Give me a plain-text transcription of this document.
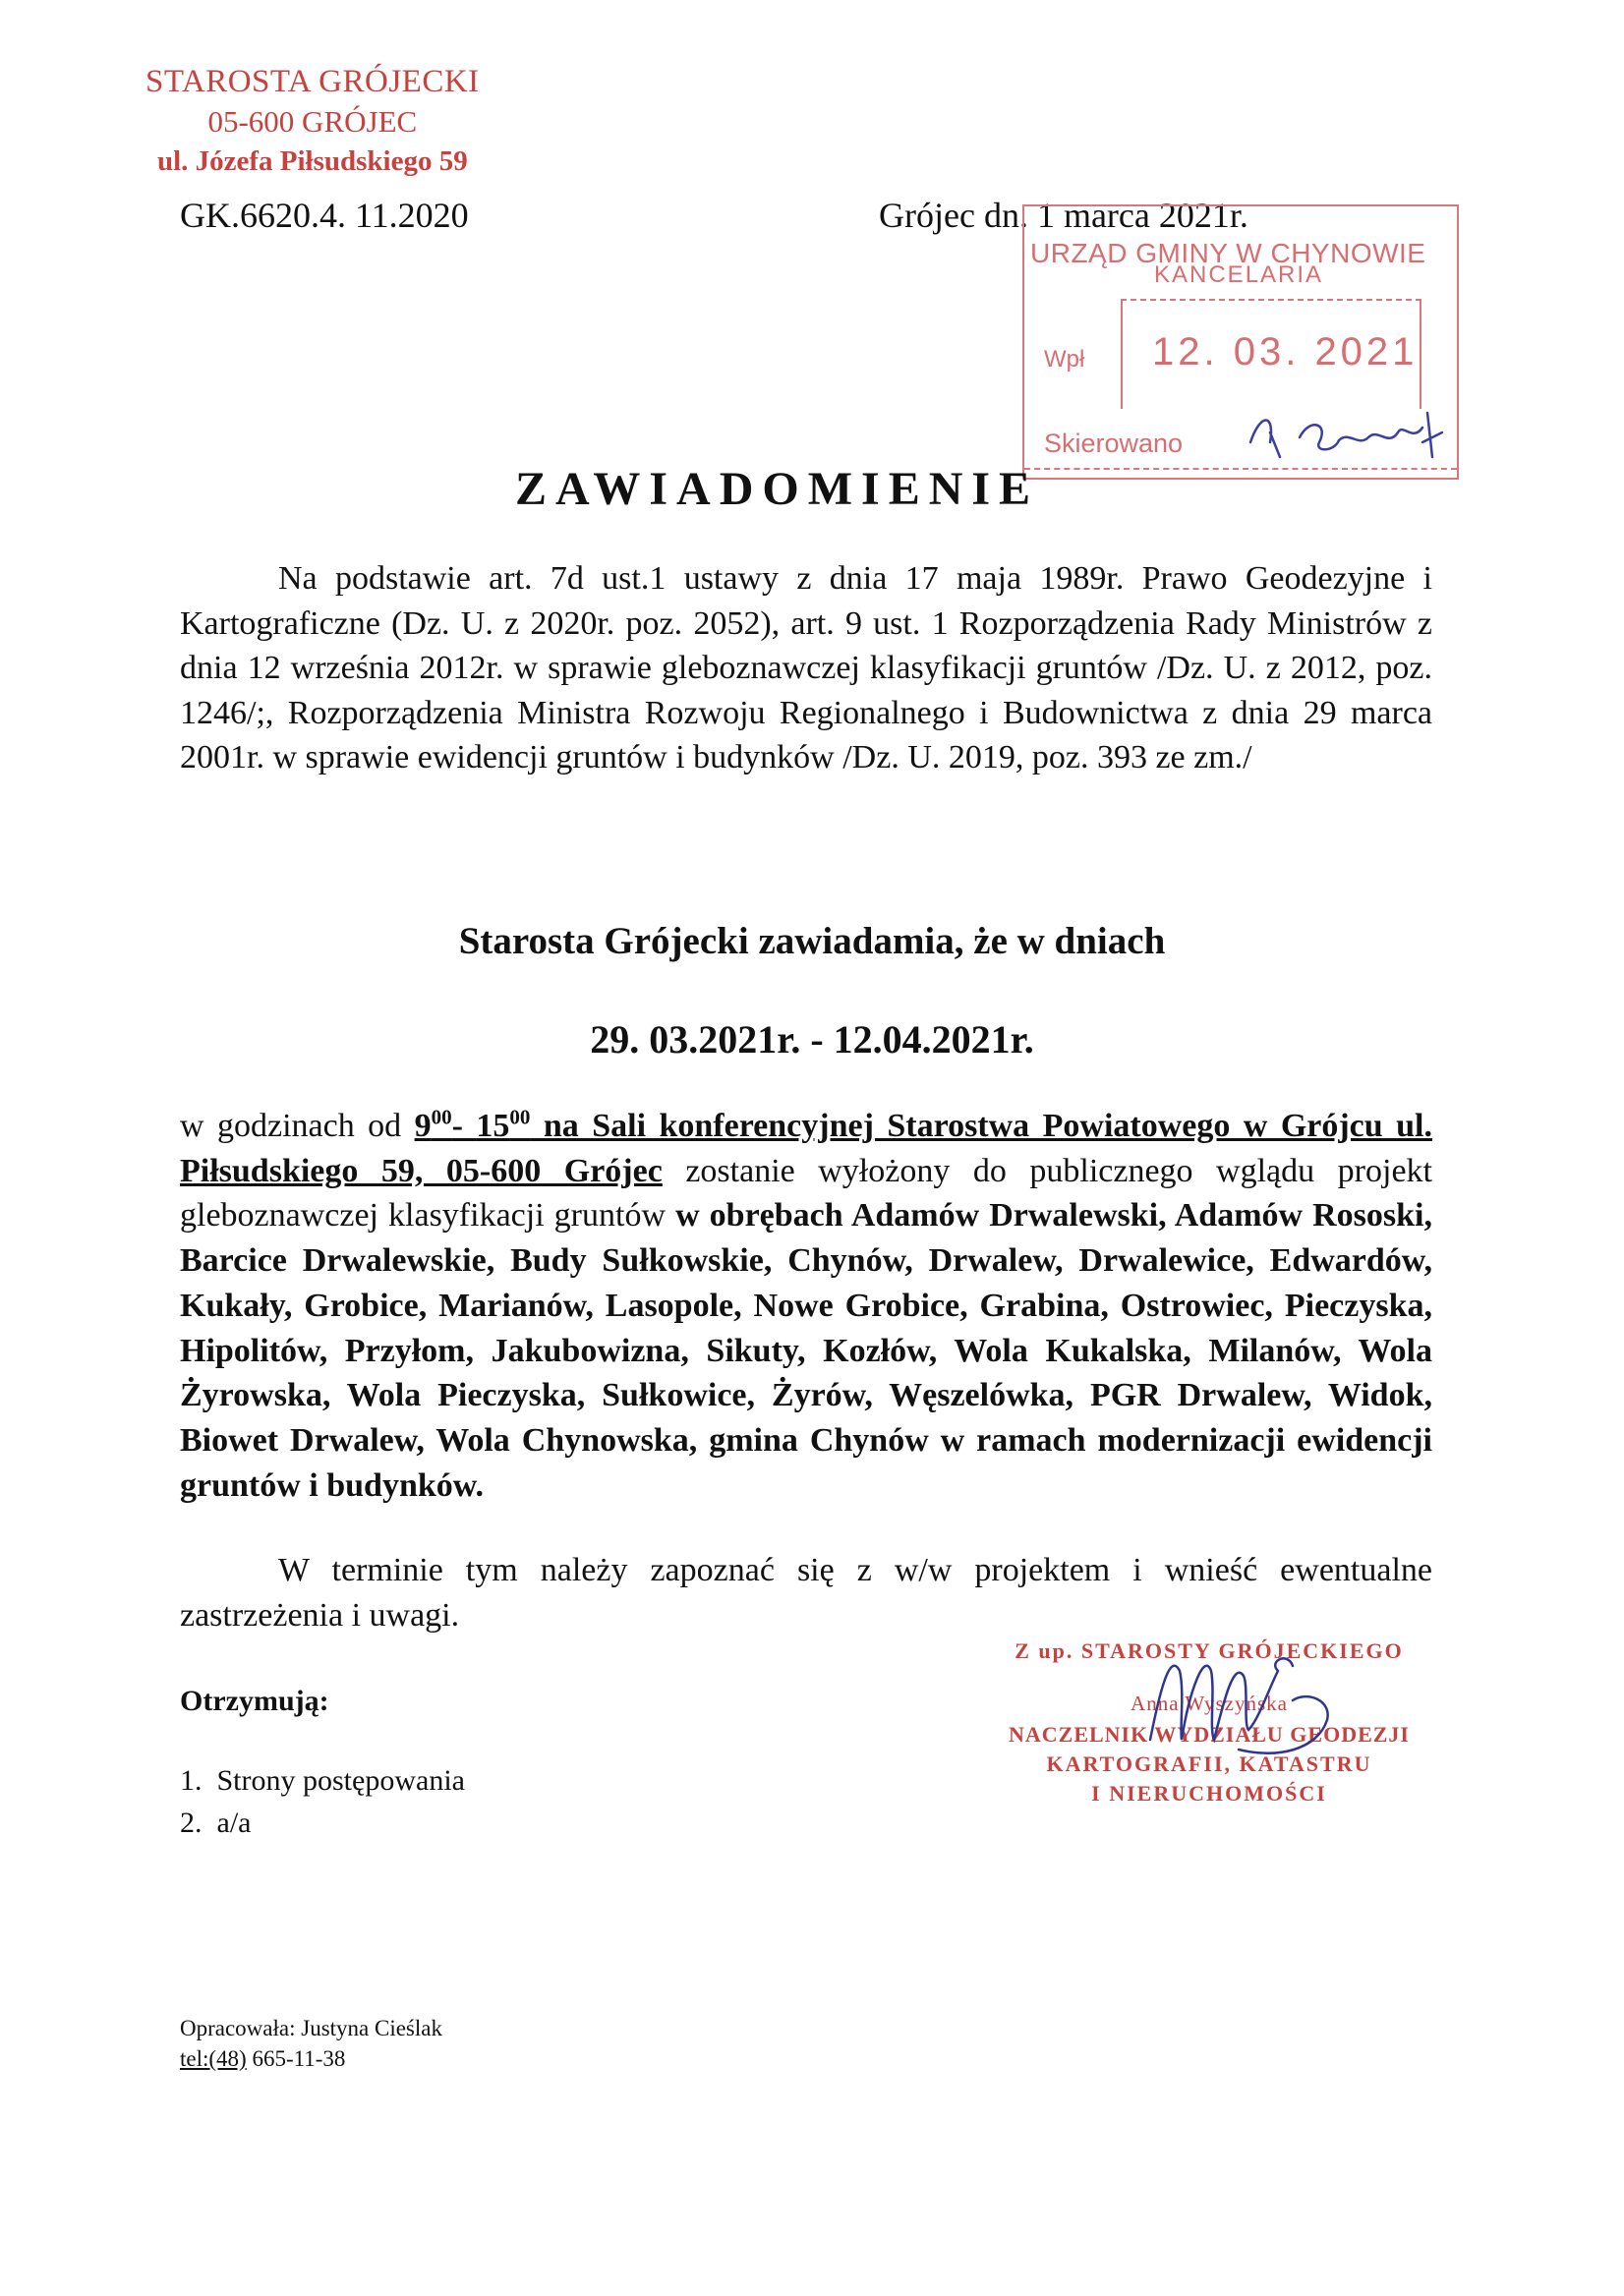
STAROSTA GRÓJECKI
05-600 GRÓJEC
ul. Józefa Piłsudskiego 59
GK.6620.4. 11.2020	Grójec dn. 1 marca 2021r.
URZĄD GMINY W CHYNOWIE
KANCELARIA
Wpł 12. 03. 2021
Skierowano
ZAWIADOMIENIE
Na podstawie art. 7d ust.1 ustawy z dnia 17 maja 1989r. Prawo Geodezyjne i Kartograficzne (Dz. U. z 2020r. poz. 2052), art. 9 ust. 1 Rozporządzenia Rady Ministrów z dnia 12 września 2012r. w sprawie gleboznawczej klasyfikacji gruntów /Dz. U. z 2012, poz. 1246/;, Rozporządzenia Ministra Rozwoju Regionalnego i Budownictwa z dnia 29 marca 2001r. w sprawie ewidencji gruntów i budynków /Dz. U. 2019, poz. 393 ze zm./
Starosta Grójecki zawiadamia, że w dniach
29. 03.2021r. - 12.04.2021r.
w godzinach od $9^{00}-$ $15^{00}$ na Sali konferencyjnej Starostwa Powiatowego w Grójcu ul. Piłsudskiego 59, 05-600 Grójec zostanie wyłożony do publicznego wglądu projekt gleboznawczej klasyfikacji gruntów w obrębach Adamów Drwalewski, Adamów Rososki, Barcice Drwalewskie, Budy Sułkowskie, Chynów, Drwalew, Drwalewice, Edwardów, Kukały, Grobice, Marianów, Lasopole, Nowe Grobice, Grabina, Ostrowiec, Pieczyska, Hipolitów, Przyłom, Jakubowizna, Sikuty, Kozłów, Wola Kukalska, Milanów, Wola Żyrowska, Wola Pieczyska, Sułkowice, Żyrów, Węszelówka, PGR Drwalew, Widok, Biowet Drwalew, Wola Chynowska, gmina Chynów w ramach modernizacji ewidencji gruntów i budynków.
W terminie tym należy zapoznać się z w/w projektem i wnieść ewentualne zastrzeżenia i uwagi.
Otrzymują:
1. Strony postępowania
2. a/a
Z up. STAROSTY GRÓJECKIEGO
Anna Wyszyńska
NACZELNIK WYDZIAŁU GEODEZJI
KARTOGRAFII, KATASTRU
I NIERUCHOMOŚCI
Opracowała: Justyna Cieślak
tel:(48) 665-11-38
